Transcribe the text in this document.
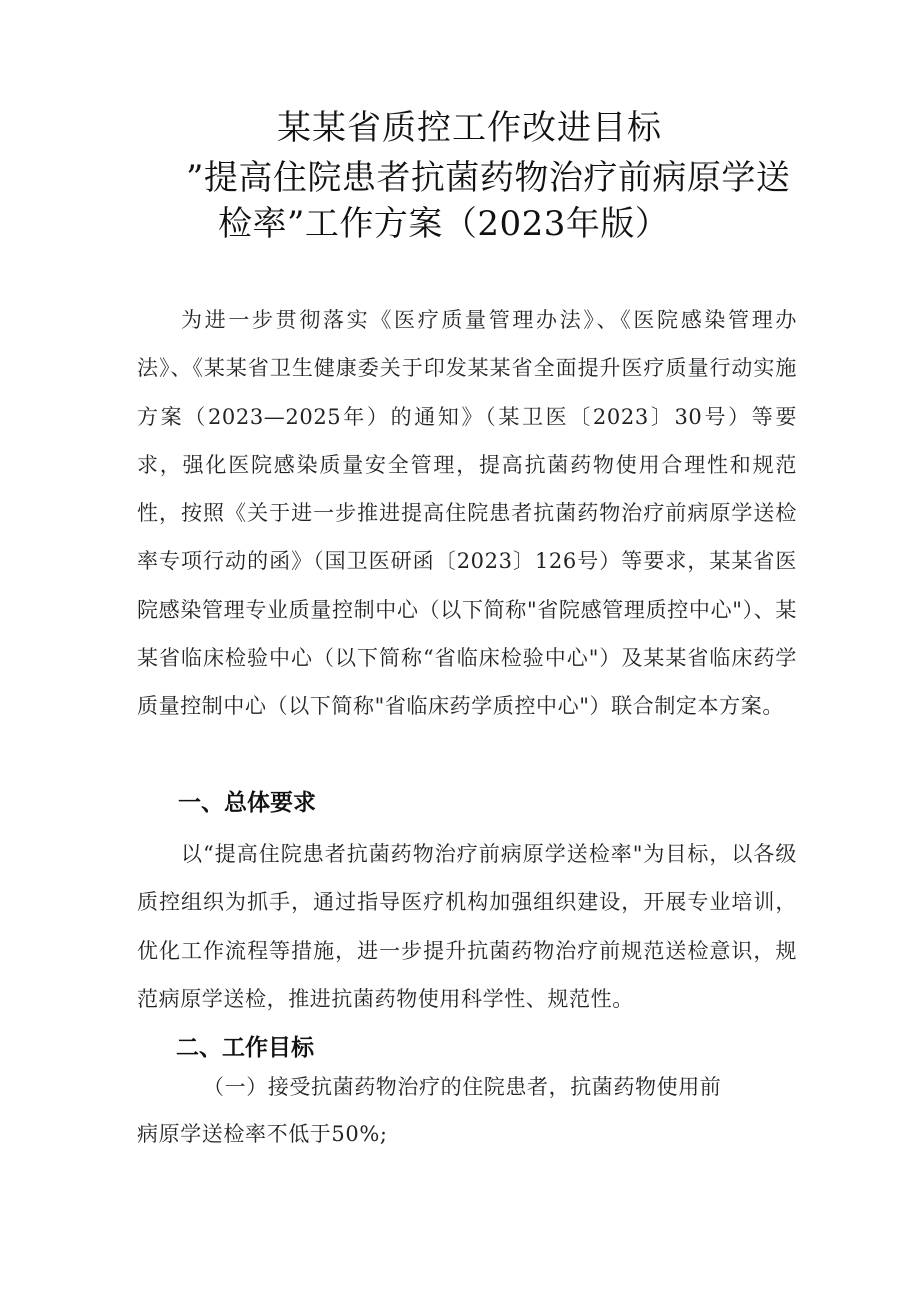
某某省质控工作改进目标
”提高住院患者抗菌药物治疗前病原学送
检率”工作方案（2023年版）
为进一步贯彻落实《医疗质量管理办法》、《医院感染管理办法》、《某某省卫生健康委关于印发某某省全面提升医疗质量行动实施方案（2023—2025年）的通知》（某卫医〔2023〕30号）等要求，强化医院感染质量安全管理，提高抗菌药物使用合理性和规范性，按照《关于进一步推进提高住院患者抗菌药物治疗前病原学送检率专项行动的函》（国卫医研函〔2023〕126号）等要求，某某省医院感染管理专业质量控制中心（以下简称"省院感管理质控中心"）、某某省临床检验中心（以下简称“省临床检验中心"）及某某省临床药学质量控制中心（以下简称"省临床药学质控中心"）联合制定本方案。
一、总体要求
以“提高住院患者抗菌药物治疗前病原学送检率"为目标，以各级质控组织为抓手，通过指导医疗机构加强组织建设，开展专业培训，优化工作流程等措施，进一步提升抗菌药物治疗前规范送检意识，规范病原学送检，推进抗菌药物使用科学性、规范性。
二、工作目标
（一）接受抗菌药物治疗的住院患者，抗菌药物使用前
病原学送检率不低于50%;
